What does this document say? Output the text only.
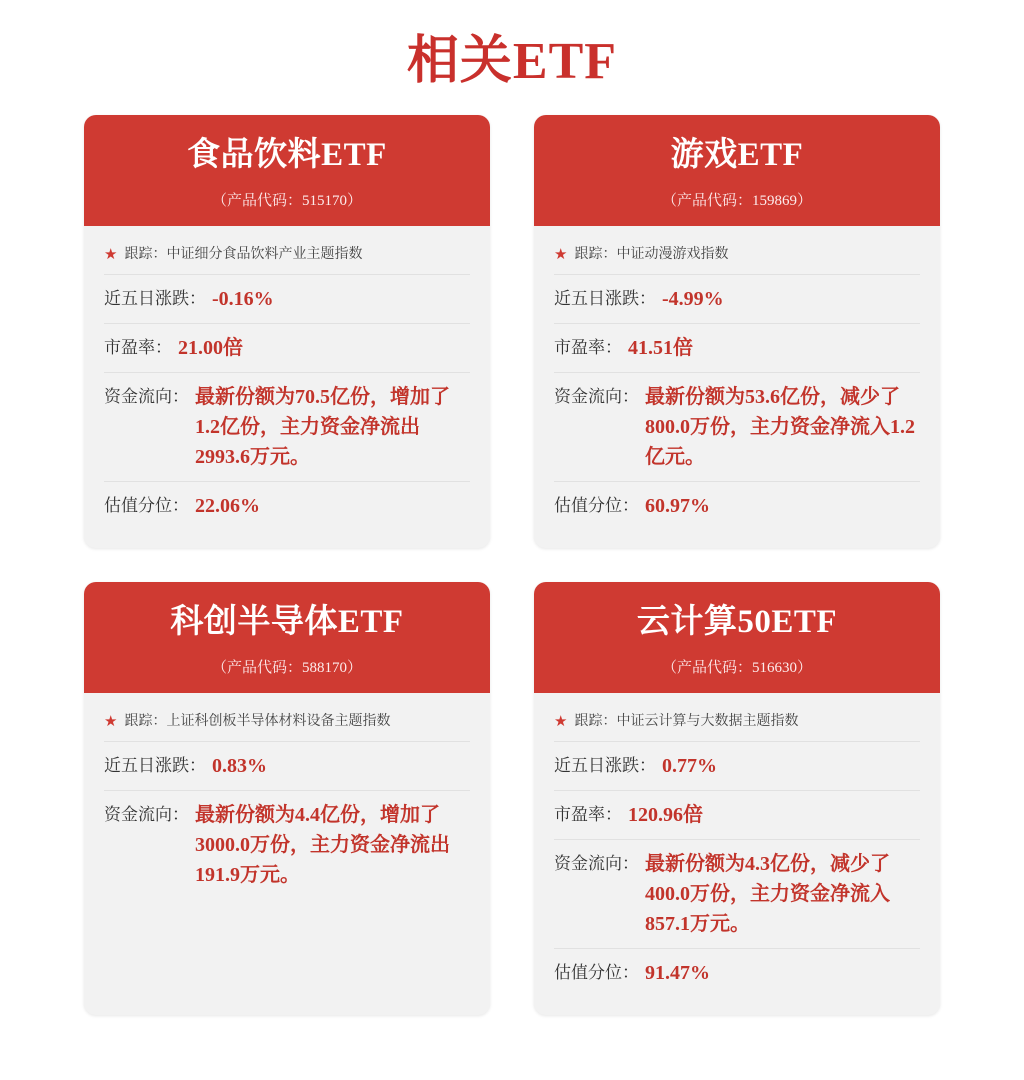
相关ETF
食品饮料ETF
（产品代码：515170）
★ 跟踪：中证细分食品饮料产业主题指数
近五日涨跌： -0.16%
市盈率： 21.00倍
资金流向： 最新份额为70.5亿份，增加了1.2亿份，主力资金净流出2993.6万元。
估值分位： 22.06%
游戏ETF
（产品代码：159869）
★ 跟踪：中证动漫游戏指数
近五日涨跌： -4.99%
市盈率： 41.51倍
资金流向： 最新份额为53.6亿份，减少了800.0万份，主力资金净流入1.2亿元。
估值分位： 60.97%
科创半导体ETF
（产品代码：588170）
★ 跟踪：上证科创板半导体材料设备主题指数
近五日涨跌： 0.83%
资金流向： 最新份额为4.4亿份，增加了3000.0万份，主力资金净流出191.9万元。
云计算50ETF
（产品代码：516630）
★ 跟踪：中证云计算与大数据主题指数
近五日涨跌： 0.77%
市盈率： 120.96倍
资金流向： 最新份额为4.3亿份，减少了400.0万份，主力资金净流入857.1万元。
估值分位： 91.47%
